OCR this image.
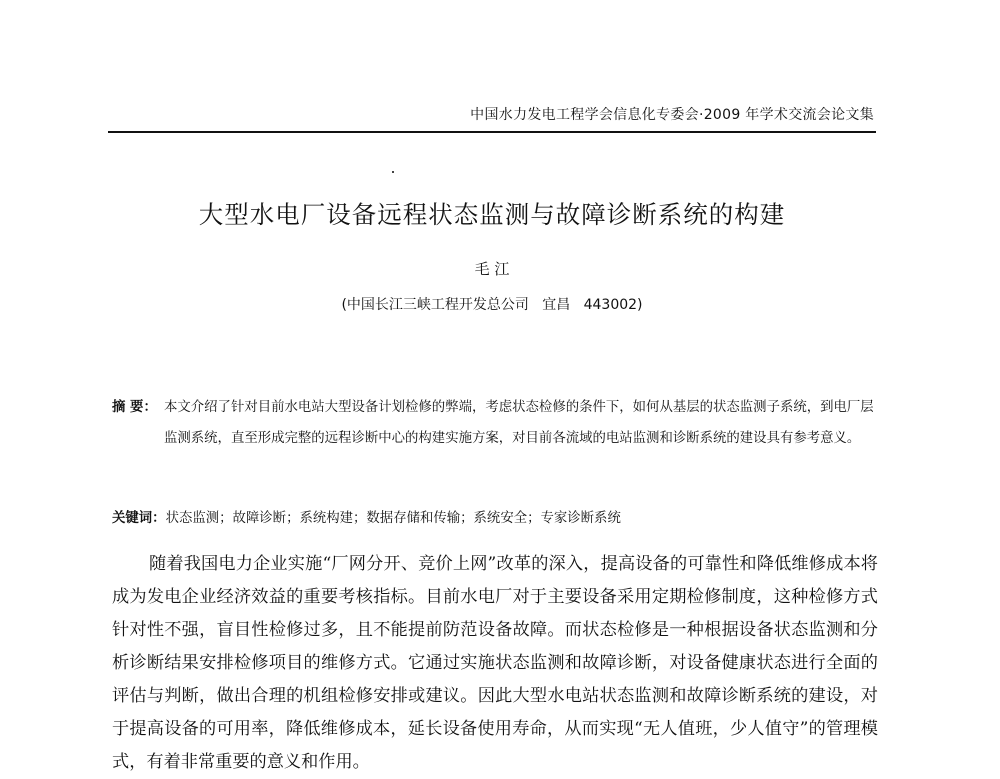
中国水力发电工程学会信息化专委会·2009 年学术交流会论文集
大型水电厂设备远程状态监测与故障诊断系统的构建
毛 江
(中国长江三峡工程开发总公司   宜昌   443002)
摘 要： 本文介绍了针对目前水电站大型设备计划检修的弊端，考虑状态检修的条件下，如何从基层的状态监测子系统，到电厂层监测系统，直至形成完整的远程诊断中心的构建实施方案，对目前各流域的电站监测和诊断系统的建设具有参考意义。
关键词：状态监测；故障诊断；系统构建；数据存储和传输；系统安全；专家诊断系统
随着我国电力企业实施“厂网分开、竞价上网”改革的深入，提高设备的可靠性和降低维修成本将成为发电企业经济效益的重要考核指标。目前水电厂对于主要设备采用定期检修制度，这种检修方式针对性不强，盲目性检修过多，且不能提前防范设备故障。而状态检修是一种根据设备状态监测和分析诊断结果安排检修项目的维修方式。它通过实施状态监测和故障诊断，对设备健康状态进行全面的评估与判断，做出合理的机组检修安排或建议。因此大型水电站状态监测和故障诊断系统的建设，对于提高设备的可用率，降低维修成本，延长设备使用寿命，从而实现“无人值班，少人值守”的管理模式，有着非常重要的意义和作用。
